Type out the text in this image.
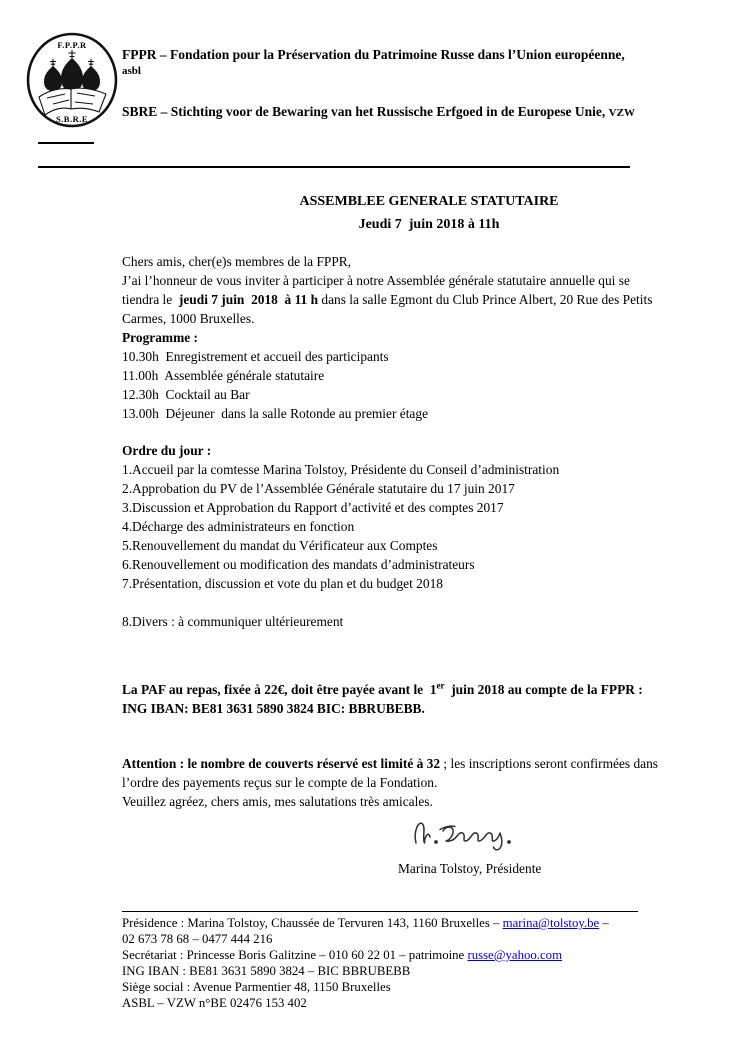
F.P.P.R
S.B.R.E
FPPR – Fondation pour la Préservation du Patrimoine Russe dans l’Union européenne,
asbl
SBRE – Stichting voor de Bewaring van het Russische Erfgoed in de Europese Unie, VZW
ASSEMBLEE GENERALE STATUTAIRE
Jeudi 7  juin 2018 à 11h
Chers amis, cher(e)s membres de la FPPR,
J’ai l’honneur de vous inviter à participer à notre Assemblée générale statutaire annuelle qui se tiendra le  jeudi 7 juin  2018  à 11 h dans la salle Egmont du Club Prince Albert, 20 Rue des Petits Carmes, 1000 Bruxelles.
Programme :
10.30h  Enregistrement et accueil des participants
11.00h  Assemblée générale statutaire
12.30h  Cocktail au Bar
13.00h  Déjeuner  dans la salle Rotonde au premier étage
Ordre du jour :
1.Accueil par la comtesse Marina Tolstoy, Présidente du Conseil d’administration
2.Approbation du PV de l’Assemblée Générale statutaire du 17 juin 2017
3.Discussion et Approbation du Rapport d’activité et des comptes 2017
4.Décharge des administrateurs en fonction
5.Renouvellement du mandat du Vérificateur aux Comptes
6.Renouvellement ou modification des mandats d’administrateurs
7.Présentation, discussion et vote du plan et du budget 2018
8.Divers : à communiquer ultérieurement
La PAF au repas, fixée à 22€, doit être payée avant le  1er  juin 2018 au compte de la FPPR :   ING IBAN: BE81 3631 5890 3824 BIC: BBRUBEBB.
Attention : le nombre de couverts réservé est limité à 32 ; les inscriptions seront confirmées dans l’ordre des payements reçus sur le compte de la Fondation.
Veuillez agréez, chers amis, mes salutations très amicales.
Marina Tolstoy, Présidente
Présidence : Marina Tolstoy, Chaussée de Tervuren 143, 1160 Bruxelles – marina@tolstoy.be –
02 673 78 68 – 0477 444 216
Secrétariat : Princesse Boris Galitzine – 010 60 22 01 – patrimoine russe@yahoo.com
ING IBAN : BE81 3631 5890 3824 – BIC BBRUBEBB
Siège social : Avenue Parmentier 48, 1150 Bruxelles
ASBL – VZW n°BE 02476 153 402
